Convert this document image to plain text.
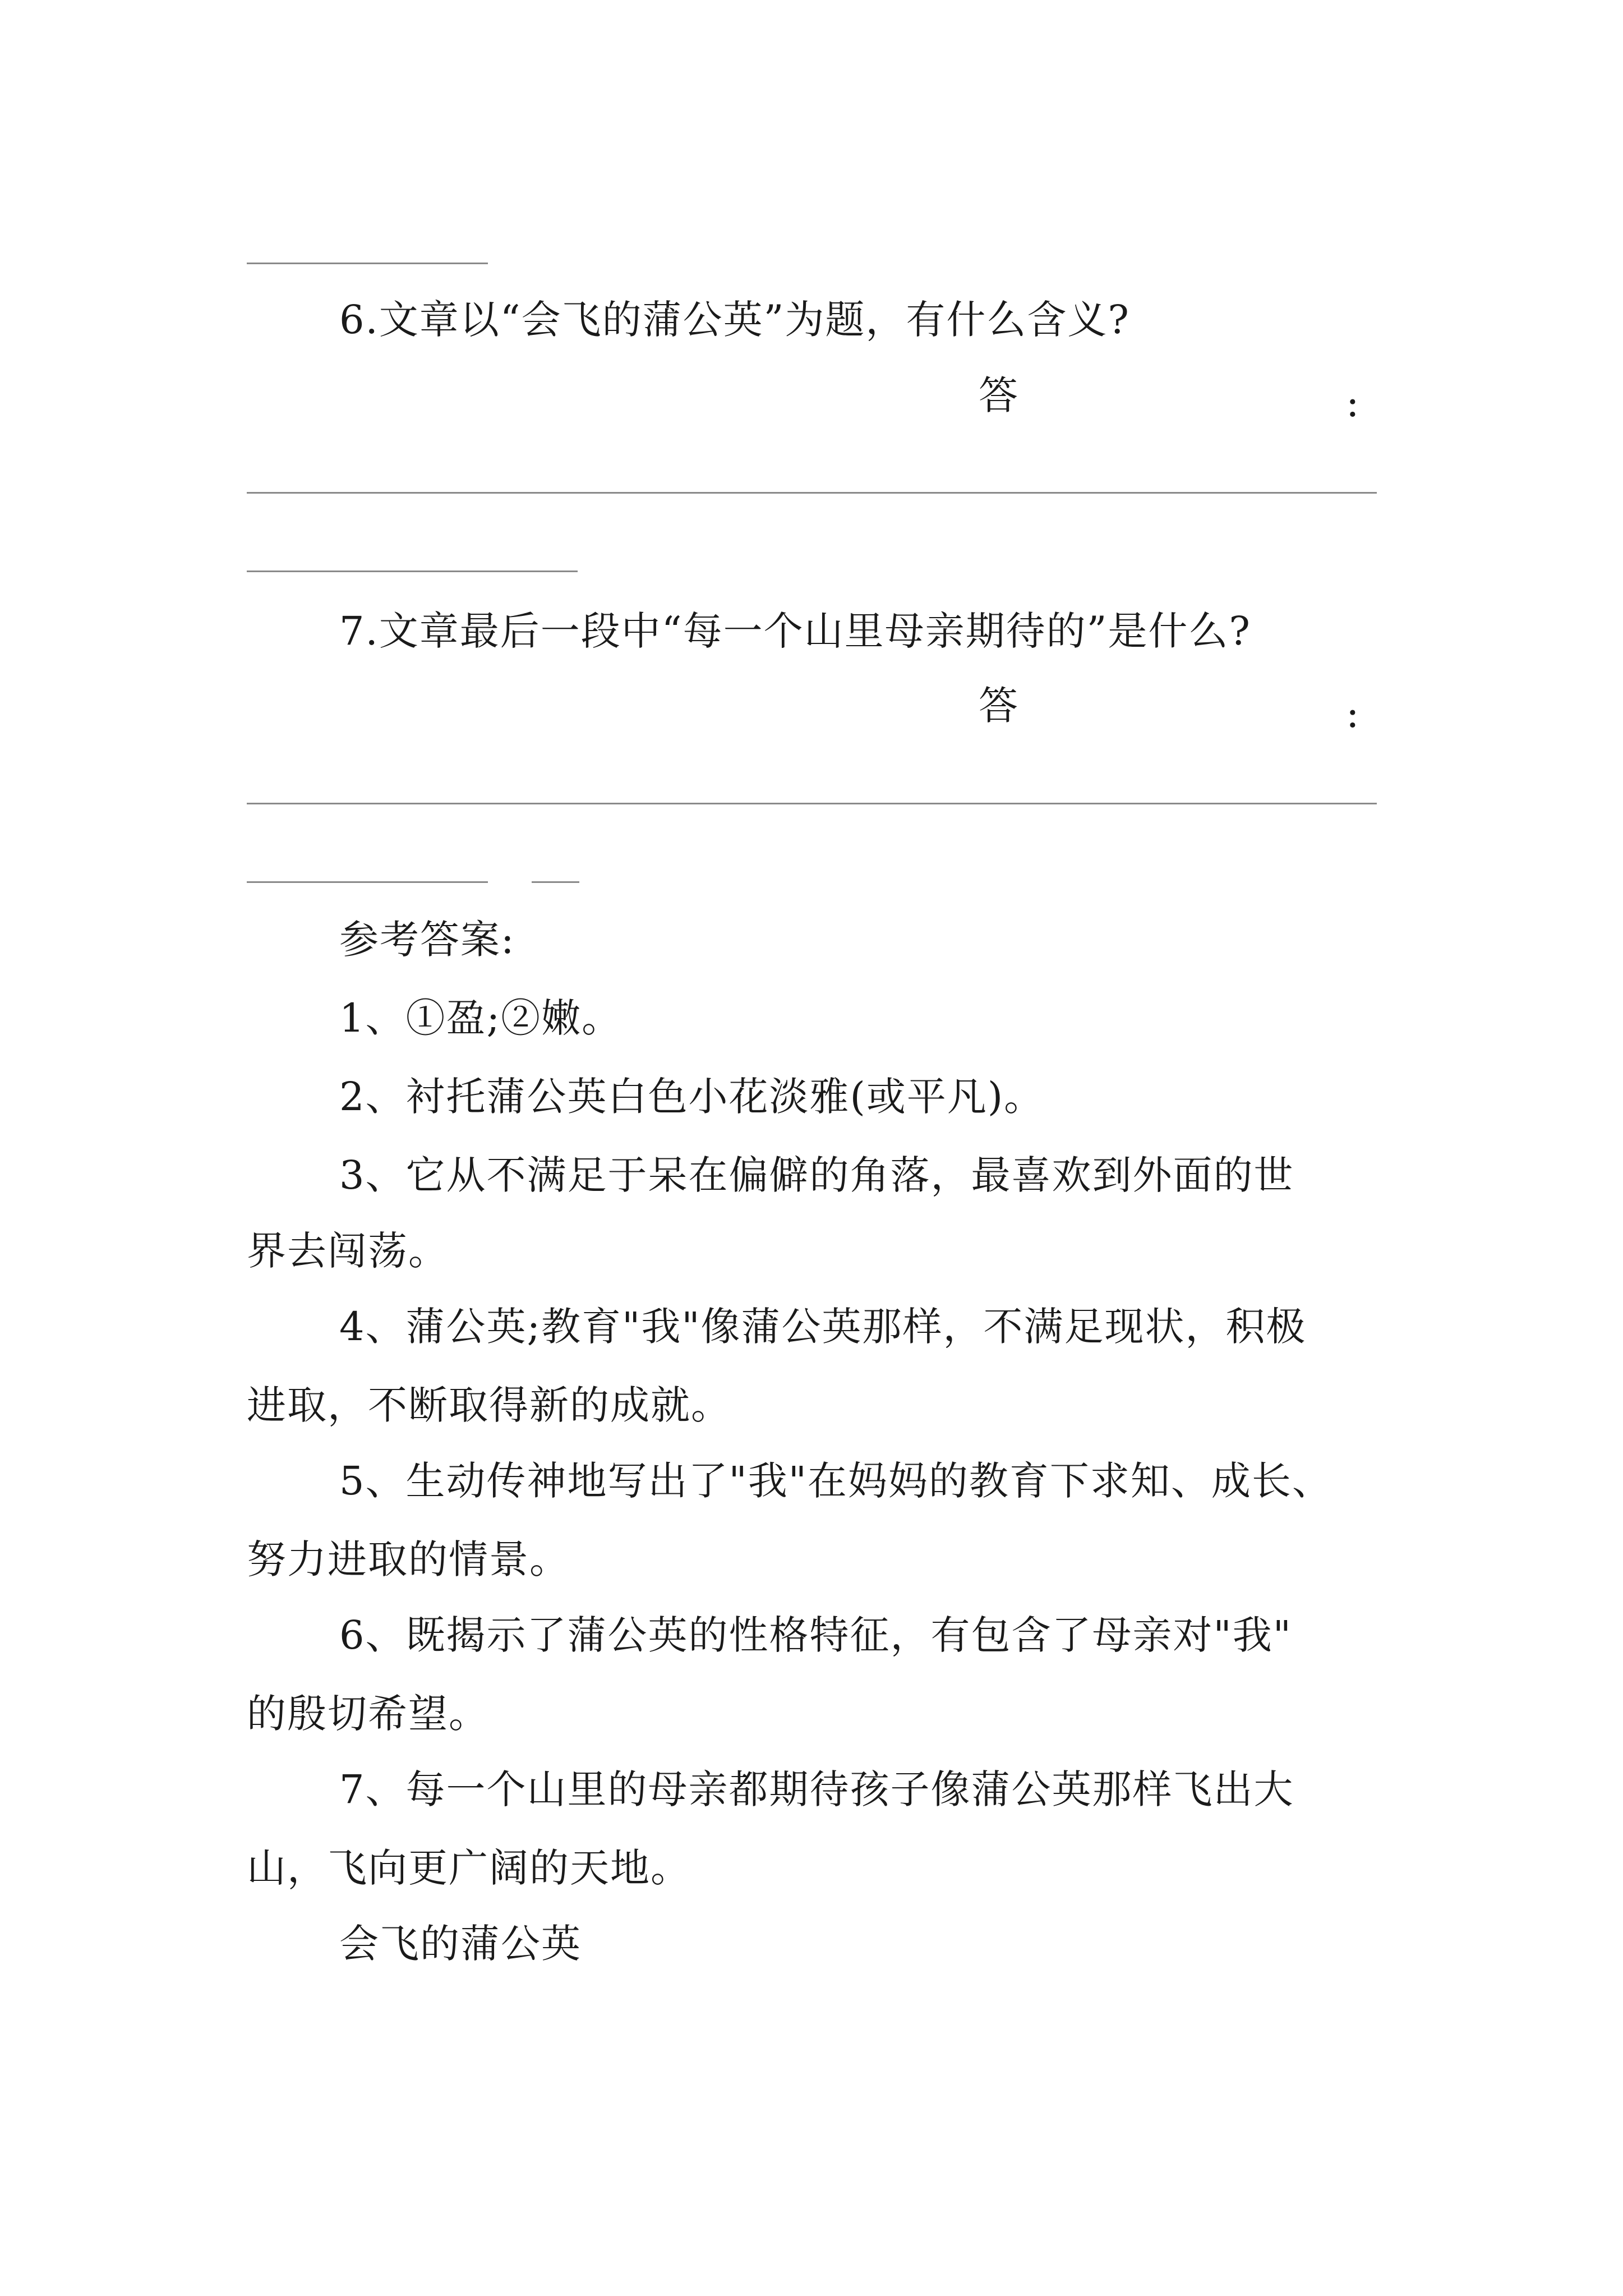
6.文章以“会飞的蒲公英”为题，有什么含义?
答	:
7.文章最后一段中“每一个山里母亲期待的”是什么?
答	:
参考答案:
1、①盈;②嫩。
2、衬托蒲公英白色小花淡雅(或平凡)。
3、它从不满足于呆在偏僻的角落，最喜欢到外面的世
界去闯荡。
4、蒲公英;教育"我"像蒲公英那样，不满足现状，积极
进取，不断取得新的成就。
5、生动传神地写出了"我"在妈妈的教育下求知、成长、
努力进取的情景。
6、既揭示了蒲公英的性格特征，有包含了母亲对"我"
的殷切希望。
7、每一个山里的母亲都期待孩子像蒲公英那样飞出大
山，飞向更广阔的天地。
会飞的蒲公英
